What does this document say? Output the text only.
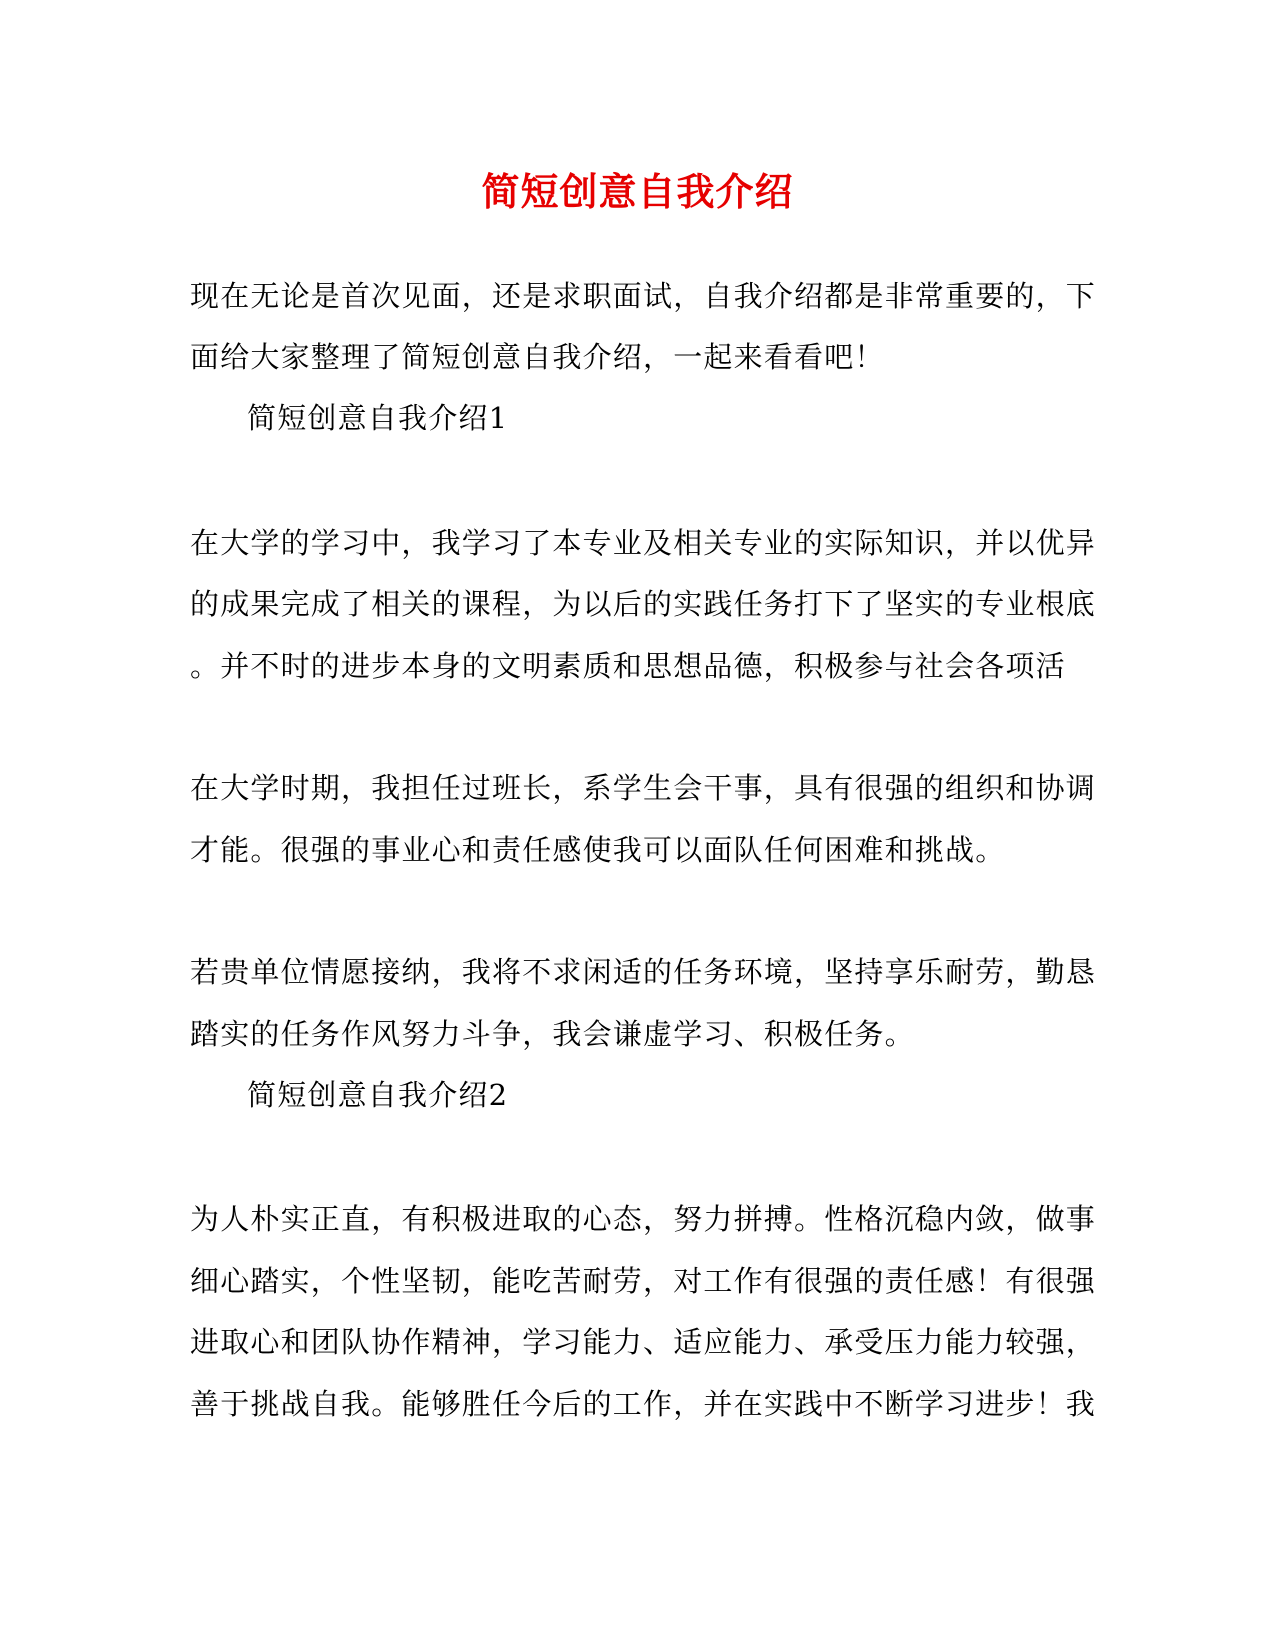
简短创意自我介绍
现在无论是首次见面，还是求职面试，自我介绍都是非常重要的，下
面给大家整理了简短创意自我介绍，一起来看看吧！
简短创意自我介绍1
在大学的学习中，我学习了本专业及相关专业的实际知识，并以优异
的成果完成了相关的课程，为以后的实践任务打下了坚实的专业根底
。并不时的进步本身的文明素质和思想品德，积极参与社会各项活
在大学时期，我担任过班长，系学生会干事，具有很强的组织和协调
才能。很强的事业心和责任感使我可以面队任何困难和挑战。
若贵单位情愿接纳，我将不求闲适的任务环境，坚持享乐耐劳，勤恳
踏实的任务作风努力斗争，我会谦虚学习、积极任务。
简短创意自我介绍2
为人朴实正直，有积极进取的心态，努力拼搏。性格沉稳内敛，做事
细心踏实，个性坚韧，能吃苦耐劳，对工作有很强的责任感！有很强
进取心和团队协作精神，学习能力、适应能力、承受压力能力较强，
善于挑战自我。能够胜任今后的工作，并在实践中不断学习进步！我
